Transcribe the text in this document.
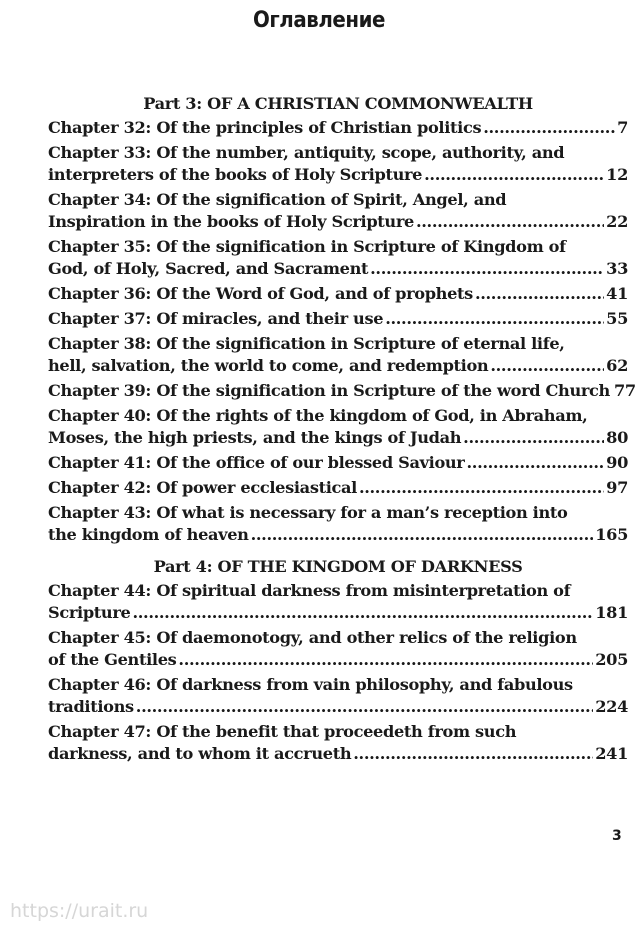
Оглавление
Part 3: OF A CHRISTIAN COMMONWEALTH
Chapter 32: Of the principles of Christian politics .....	7
Chapter 33: Of the number, antiquity, scope, authority, and
interpreters of the books of Holy Scripture .....	12
Chapter 34: Of the signification of Spirit, Angel, and
Inspiration in the books of Holy Scripture .....	22
Chapter 35: Of the signification in Scripture of Kingdom of
God, of Holy, Sacred, and Sacrament .....	33
Chapter 36: Of the Word of God, and of prophets .....	41
Chapter 37: Of miracles, and their use .....	55
Chapter 38: Of the signification in Scripture of eternal life,
hell, salvation, the world to come, and redemption .....	62
Chapter 39: Of the signification in Scripture of the word Church 77
Chapter 40: Of the rights of the kingdom of God, in Abraham,
Moses, the high priests, and the kings of Judah .....	80
Chapter 41: Of the office of our blessed Saviour .....	90
Chapter 42: Of power ecclesiastical .....	97
Chapter 43: Of what is necessary for a man’s reception into
the kingdom of heaven .....	165
Part 4: OF THE KINGDOM OF DARKNESS
Chapter 44: Of spiritual darkness from misinterpretation of
Scripture .....	181
Chapter 45: Of daemonotogy, and other relics of the religion
of the Gentiles .....	205
Chapter 46: Of darkness from vain philosophy, and fabulous
traditions .....	224
Chapter 47: Of the benefit that proceedeth from such
darkness, and to whom it accrueth .....	241
3
https://urait.ru
